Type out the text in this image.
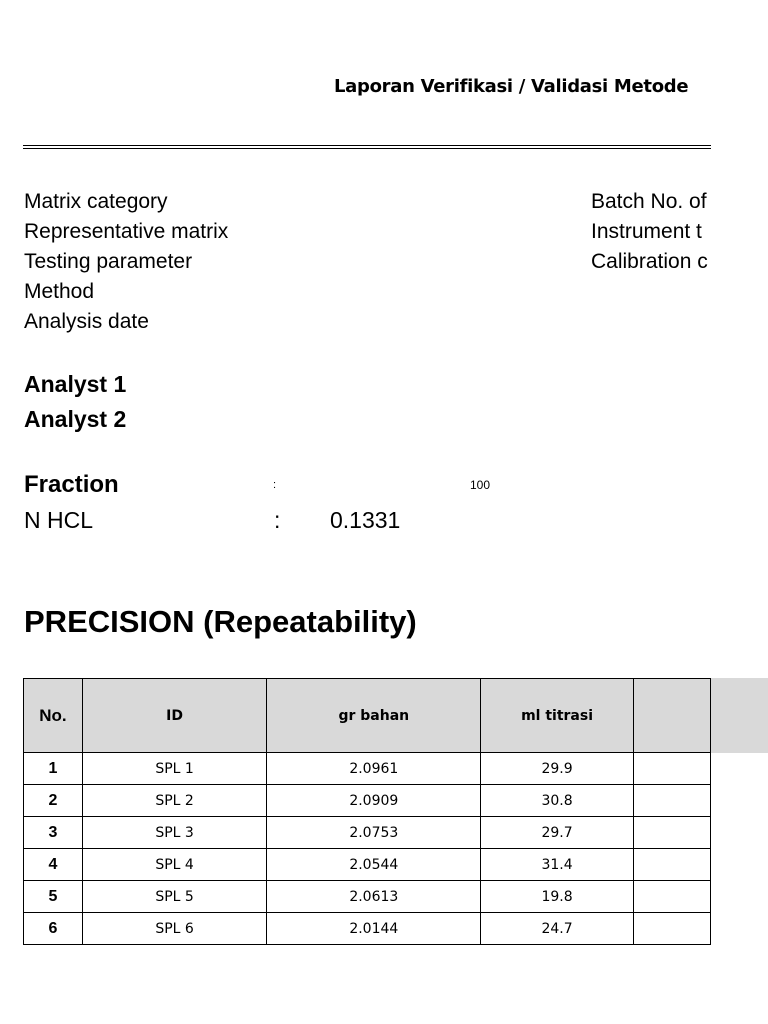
Laporan Verifikasi / Validasi Metode
Matrix category
Representative matrix
Testing parameter
Method
Analysis date
Batch No. of
Instrument t
Calibration c
Analyst 1
Analyst 2
Fraction	:	100
N HCL	: 0.1331
PRECISION (Repeatability)
No.	ID	gr bahan	ml titrasi	
1	SPL 1	2.0961	29.9	
2	SPL 2	2.0909	30.8	
3	SPL 3	2.0753	29.7	
4	SPL 4	2.0544	31.4	
5	SPL 5	2.0613	19.8	
6	SPL 6	2.0144	24.7	
